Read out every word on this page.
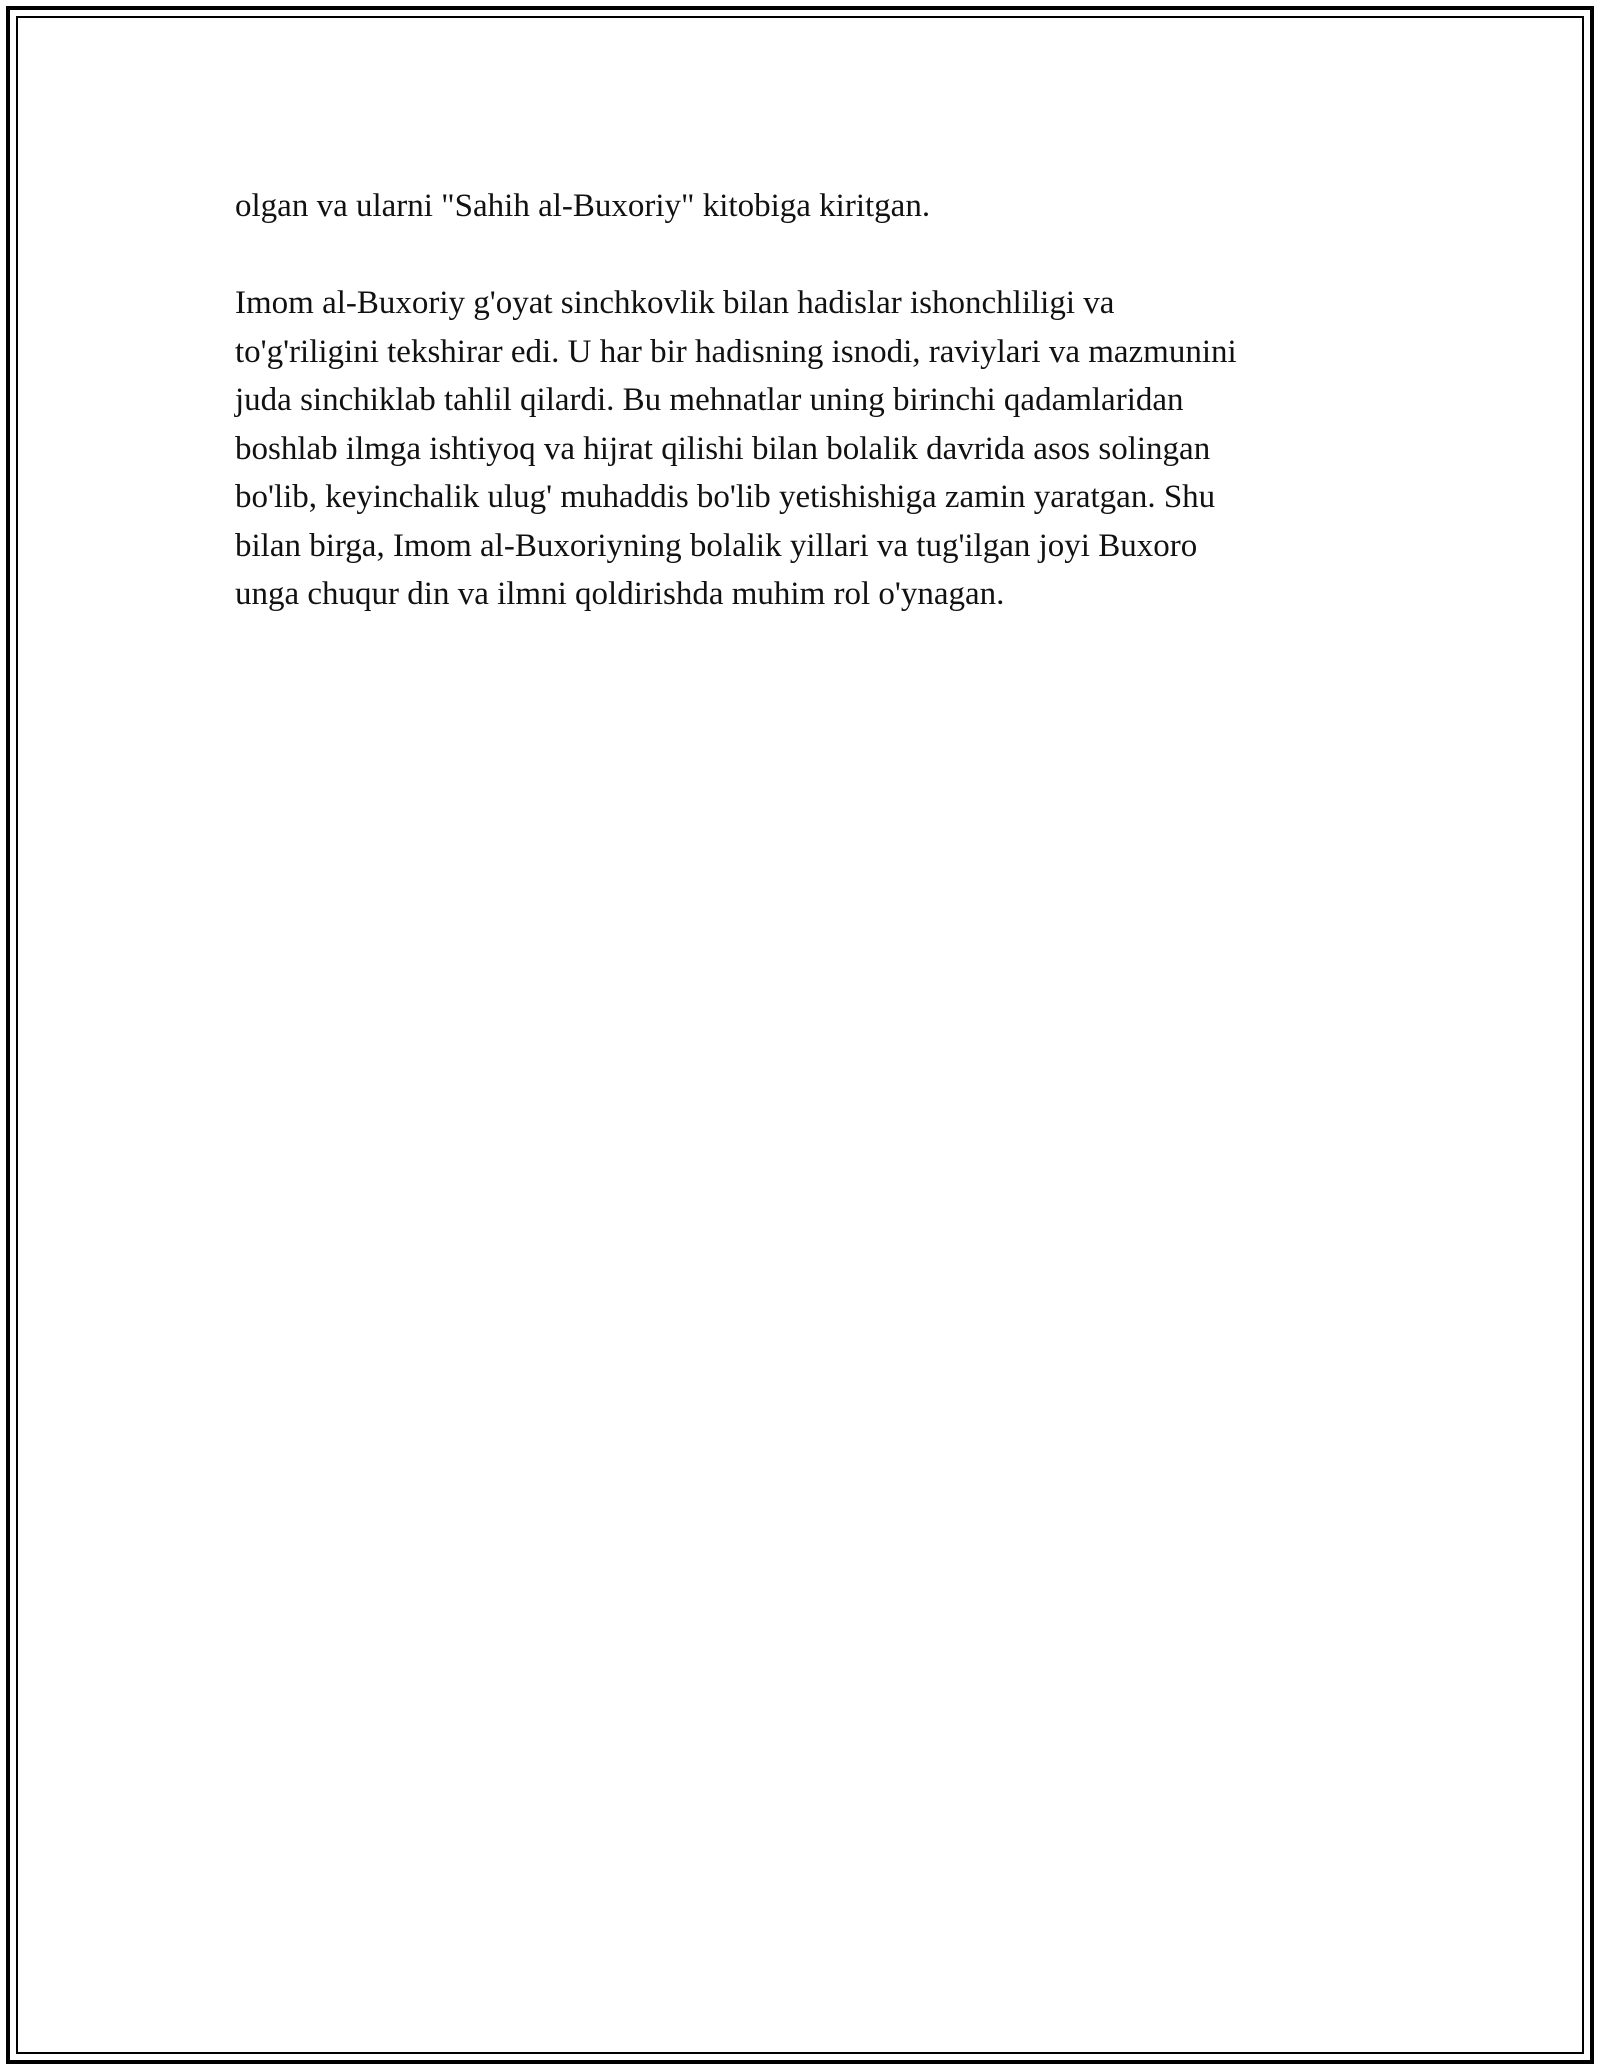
olgan va ularni "Sahih al-Buxoriy" kitobiga kiritgan.

Imom al-Buxoriy g'oyat sinchkovlik bilan hadislar ishonchliligi va
to'g'riligini tekshirar edi. U har bir hadisning isnodi, raviylari va mazmunini
juda sinchiklab tahlil qilardi. Bu mehnatlar uning birinchi qadamlaridan
boshlab ilmga ishtiyoq va hijrat qilishi bilan bolalik davrida asos solingan
bo'lib, keyinchalik ulug' muhaddis bo'lib yetishishiga zamin yaratgan. Shu
bilan birga, Imom al-Buxoriyning bolalik yillari va tug'ilgan joyi Buxoro
unga chuqur din va ilmni qoldirishda muhim rol o'ynagan.
